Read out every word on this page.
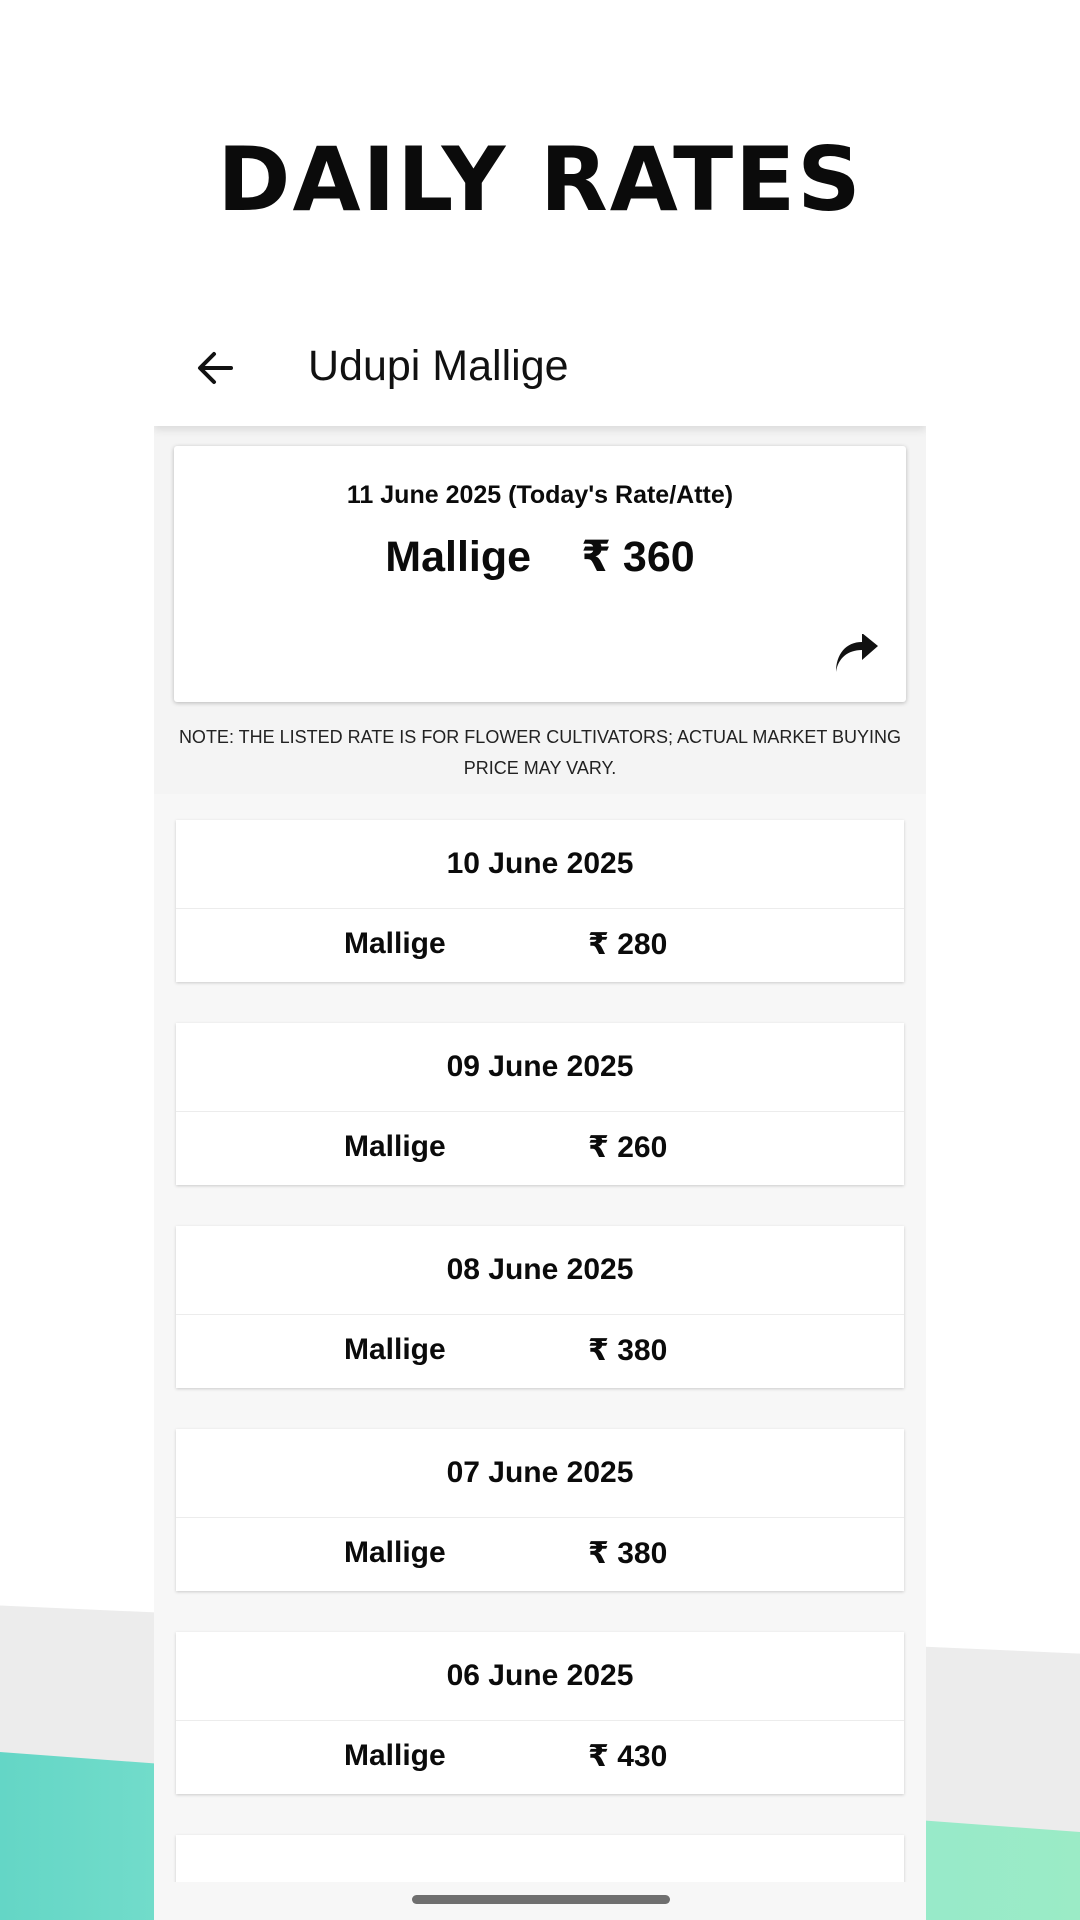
DAILY RATES
Udupi Mallige
11 June 2025 (Today's Rate/Atte)
Mallige ₹ 360

NOTE: THE LISTED RATE IS FOR FLOWER CULTIVATORS; ACTUAL MARKET BUYING PRICE MAY VARY.

10 June 2025
Mallige	₹ 280
09 June 2025
Mallige	₹ 260
08 June 2025
Mallige	₹ 380
07 June 2025
Mallige	₹ 380
06 June 2025
Mallige	₹ 430
